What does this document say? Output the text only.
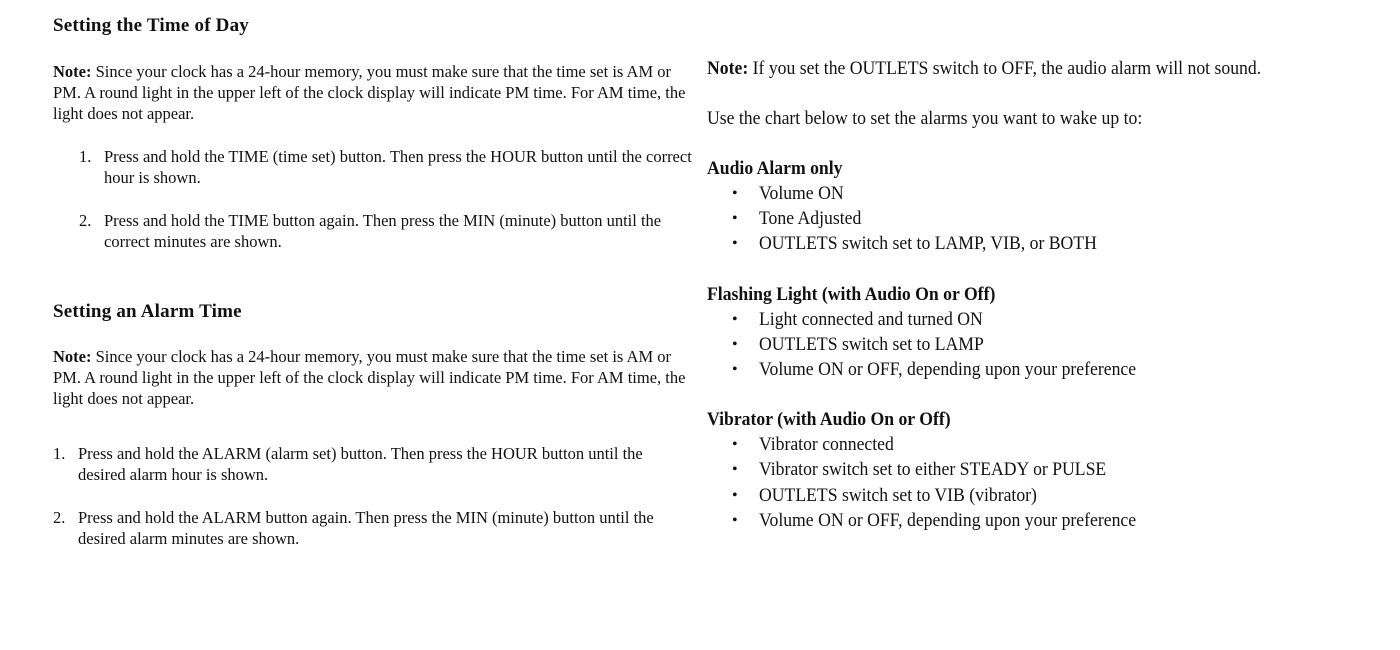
Setting the Time of Day

Note: Since your clock has a 24-hour memory, you must make sure that the time set is AM or PM. A round light in the upper left of the clock display will indicate PM time. For AM time, the light does not appear.

1. Press and hold the TIME (time set) button. Then press the HOUR button until the correct hour is shown.
2. Press and hold the TIME button again. Then press the MIN (minute) button until the correct minutes are shown.
Setting an Alarm Time

Note: Since your clock has a 24-hour memory, you must make sure that the time set is AM or PM. A round light in the upper left of the clock display will indicate PM time. For AM time, the light does not appear.

1. Press and hold the ALARM (alarm set) button. Then press the HOUR button until the desired alarm hour is shown.
2. Press and hold the ALARM button again. Then press the MIN (minute) button until the desired alarm minutes are shown.

Note: If you set the OUTLETS switch to OFF, the audio alarm will not sound.

Use the chart below to set the alarms you want to wake up to:

Audio Alarm only

• Volume ON
• Tone Adjusted
• OUTLETS switch set to LAMP, VIB, or BOTH

Flashing Light (with Audio On or Off)

• Light connected and turned ON
• OUTLETS switch set to LAMP
• Volume ON or OFF, depending upon your preference

Vibrator (with Audio On or Off)

• Vibrator connected
• Vibrator switch set to either STEADY or PULSE
• OUTLETS switch set to VIB (vibrator)
• Volume ON or OFF, depending upon your preference
